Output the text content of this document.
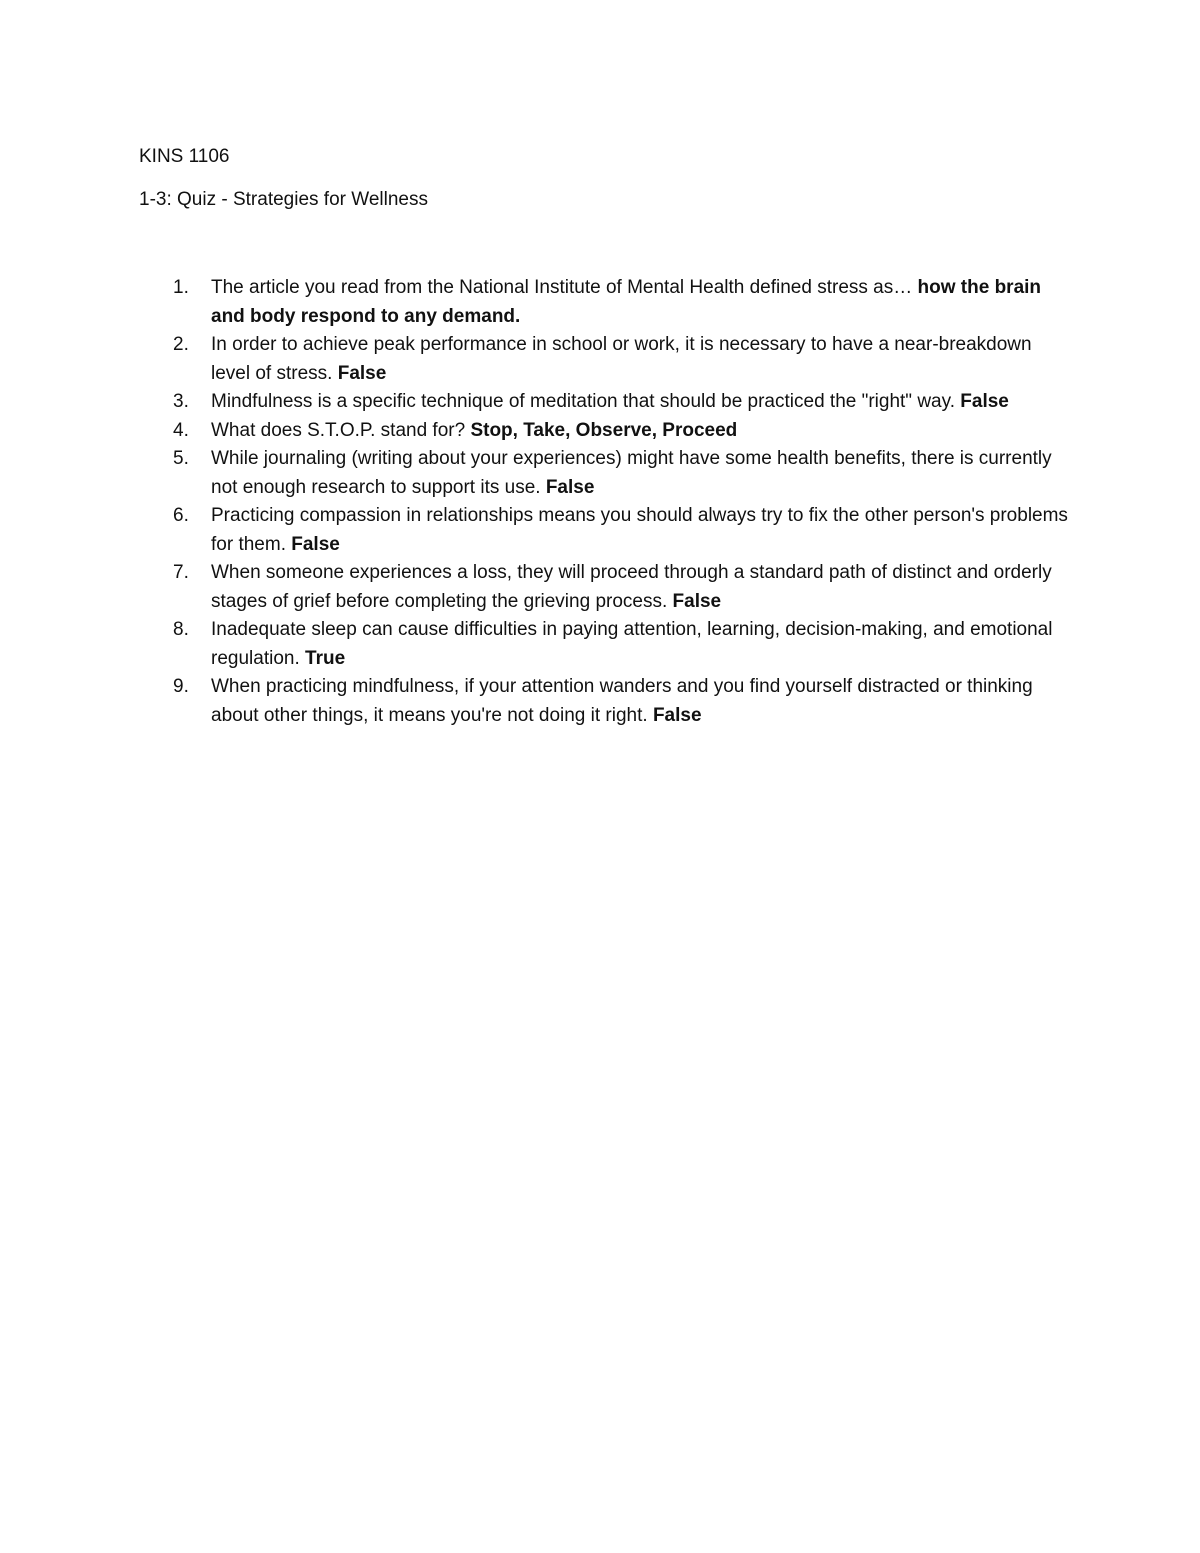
KINS 1106

1-3: Quiz - Strategies for Wellness

1. The article you read from the National Institute of Mental Health defined stress as… how the brain and body respond to any demand.
2. In order to achieve peak performance in school or work, it is necessary to have a near-breakdown level of stress. False
3. Mindfulness is a specific technique of meditation that should be practiced the "right" way. False
4. What does S.T.O.P. stand for? Stop, Take, Observe, Proceed
5. While journaling (writing about your experiences) might have some health benefits, there is currently not enough research to support its use. False
6. Practicing compassion in relationships means you should always try to fix the other person's problems for them. False
7. When someone experiences a loss, they will proceed through a standard path of distinct and orderly stages of grief before completing the grieving process. False
8. Inadequate sleep can cause difficulties in paying attention, learning, decision-making, and emotional regulation. True
9. When practicing mindfulness, if your attention wanders and you find yourself distracted or thinking about other things, it means you're not doing it right. False
